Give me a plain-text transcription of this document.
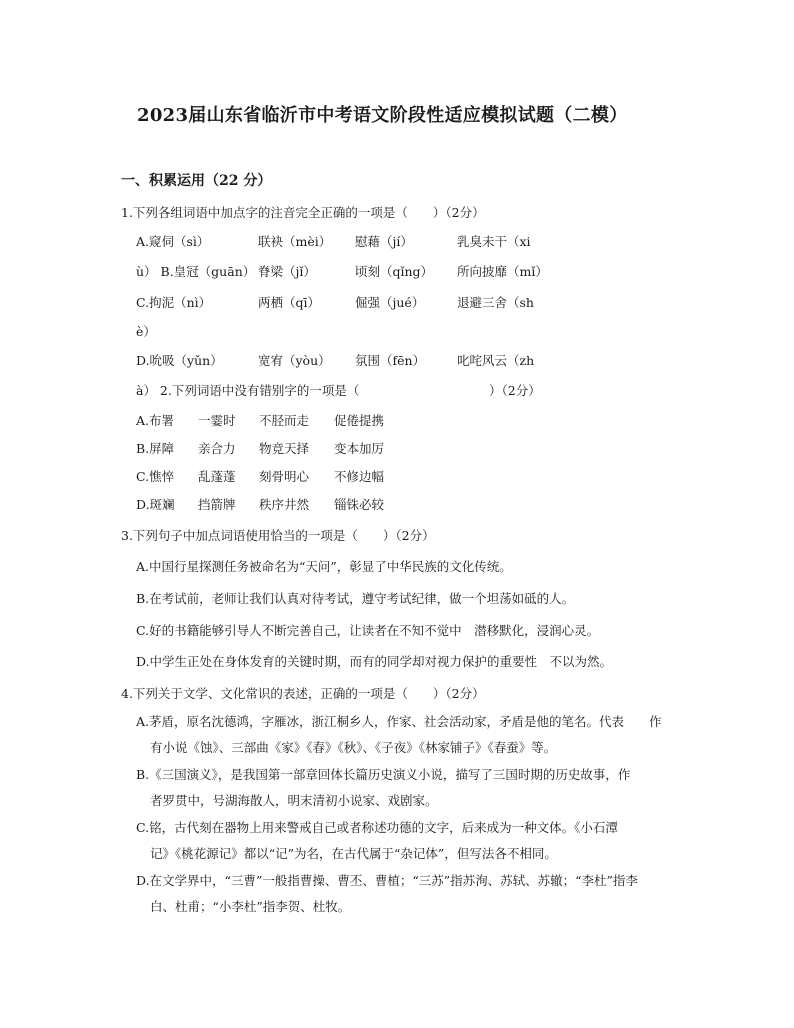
2023届山东省临沂市中考语文阶段性适应模拟试题（二模）
一、积累运用（22 分）
1.下列各组词语中加点字的注音完全正确的一项是（　　）（2分）
A.窥伺（sì）	联袂（mèi） 慰藉（jí）	乳臭未干（xi
ù） B.皇冠（guān） 脊梁（jǐ）	顷刻（qǐng） 所向披靡（mǐ）
C.拘泥（nì）	两栖（qī）	倔强（jué）	退避三舍（sh
è）
D.吮吸（yǔn）	宽宥（yòu） 氛围（fēn）	叱咤风云（zh
à） 2.下列词语中没有错别字的一项是（	）（2分）
A.布署 一霎时 不胫而走 促倦提携
B.屏障 亲合力 物竞天择 变本加厉
C.憔悴 乱蓬蓬 刻骨明心 不修边幅
D.斑斓 挡箭牌 秩序井然 锱铢必较
3.下列句子中加点词语使用恰当的一项是（　　）（2分）
A.中国行星探测任务被命名为“天问”，彰显了中华民族的文化传统。
B.在考试前，老师让我们认真对待考试，遵守考试纪律，做一个坦荡如砥的人。
C.好的书籍能够引导人不断完善自己，让读者在不知不觉中　潜移默化，浸润心灵。
D.中学生正处在身体发育的关键时期，而有的同学却对视力保护的重要性　不以为然。
4.下列关于文学、文化常识的表述，正确的一项是（　　）（2分）
A.茅盾，原名沈德鸿，字雁冰，浙江桐乡人，作家、社会活动家，矛盾是他的笔名。代表　　作
有小说《蚀》、三部曲《家》《春》《秋》、《子夜》《林家铺子》《春蚕》等。
B.《三国演义》，是我国第一部章回体长篇历史演义小说，描写了三国时期的历史故事，作
者罗贯中，号湖海散人，明末清初小说家、戏剧家。
C.铭，古代刻在器物上用来警戒自己或者称述功德的文字，后来成为一种文体。《小石潭
记》《桃花源记》都以“记”为名，在古代属于“杂记体”，但写法各不相同。
D.在文学界中，“三曹”一般指曹操、曹丕、曹植；“三苏”指苏洵、苏轼、苏辙；“李杜”指李
白、杜甫；“小李杜”指李贺、杜牧。
